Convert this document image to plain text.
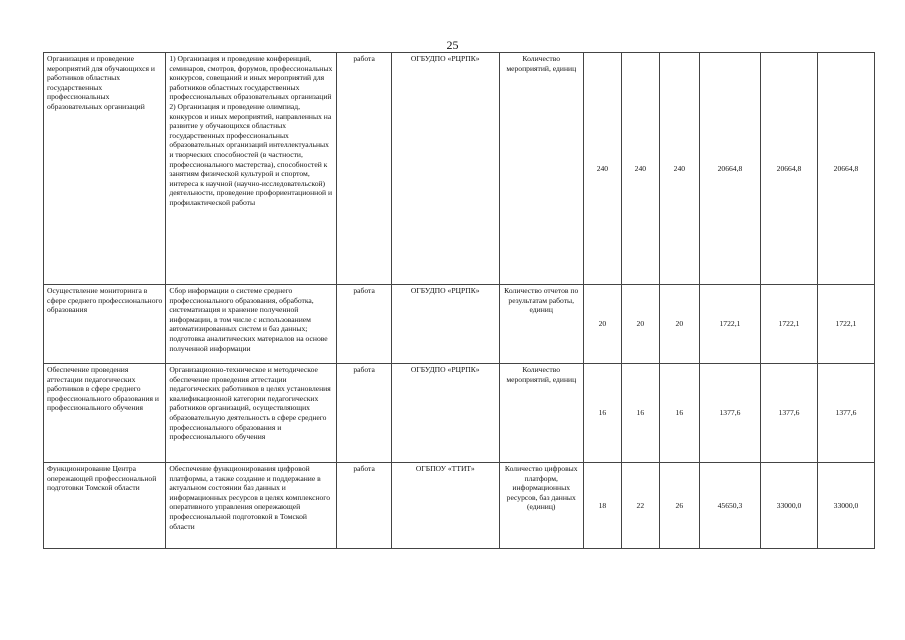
25
Организация и проведение мероприятий для обучающихся и работников областных государственных профессиональных образовательных организаций	1) Организация и проведение конференций, семинаров, смотров, форумов, профессиональных конкурсов, совещаний и иных мероприятий для работников областных государственных профессиональных образовательных организаций
2) Организация и проведение олимпиад, конкурсов и иных мероприятий, направленных на развитие у обучающихся областных государственных профессиональных образовательных организаций интеллектуальных и творческих способностей (в частности, профессионального мастерства), способностей к занятиям физической культурой и спортом, интереса к научной (научно-исследовательской) деятельности, проведение профориентационной и профилактической работы	работа	ОГБУДПО «РЦРПК»	Количество мероприятий, единиц	240	240	240	20664,8	20664,8	20664,8
Осуществление мониторинга в сфере среднего профессионального образования	Сбор информации о системе среднего профессионального образования, обработка, систематизация и хранение полученной информации, в том числе с использованием автоматизированных систем и баз данных;
подготовка аналитических материалов на основе полученной информации	работа	ОГБУДПО «РЦРПК»	Количество отчетов по результатам работы, единиц	20	20	20	1722,1	1722,1	1722,1
Обеспечение проведения аттестации педагогических работников в сфере среднего профессионального образования и профессионального обучения	Организационно-техническое и методическое обеспечение проведения аттестации педагогических работников в целях установления квалификационной категории педагогических работников организаций, осуществляющих образовательную деятельность в сфере среднего профессионального образования и профессионального обучения	работа	ОГБУДПО «РЦРПК»	Количество мероприятий, единиц	16	16	16	1377,6	1377,6	1377,6
Функционирование Центра опережающей профессиональной подготовки Томской области	Обеспечение функционирования цифровой платформы, а также создание и поддержание в актуальном состоянии баз данных и информационных ресурсов в целях комплексного оперативного управления опережающей профессиональной подготовкой в Томской области	работа	ОГБПОУ «ТТИТ»	Количество цифровых платформ, информационных ресурсов, баз данных (единиц)	18	22	26	45650,3	33000,0	33000,0
